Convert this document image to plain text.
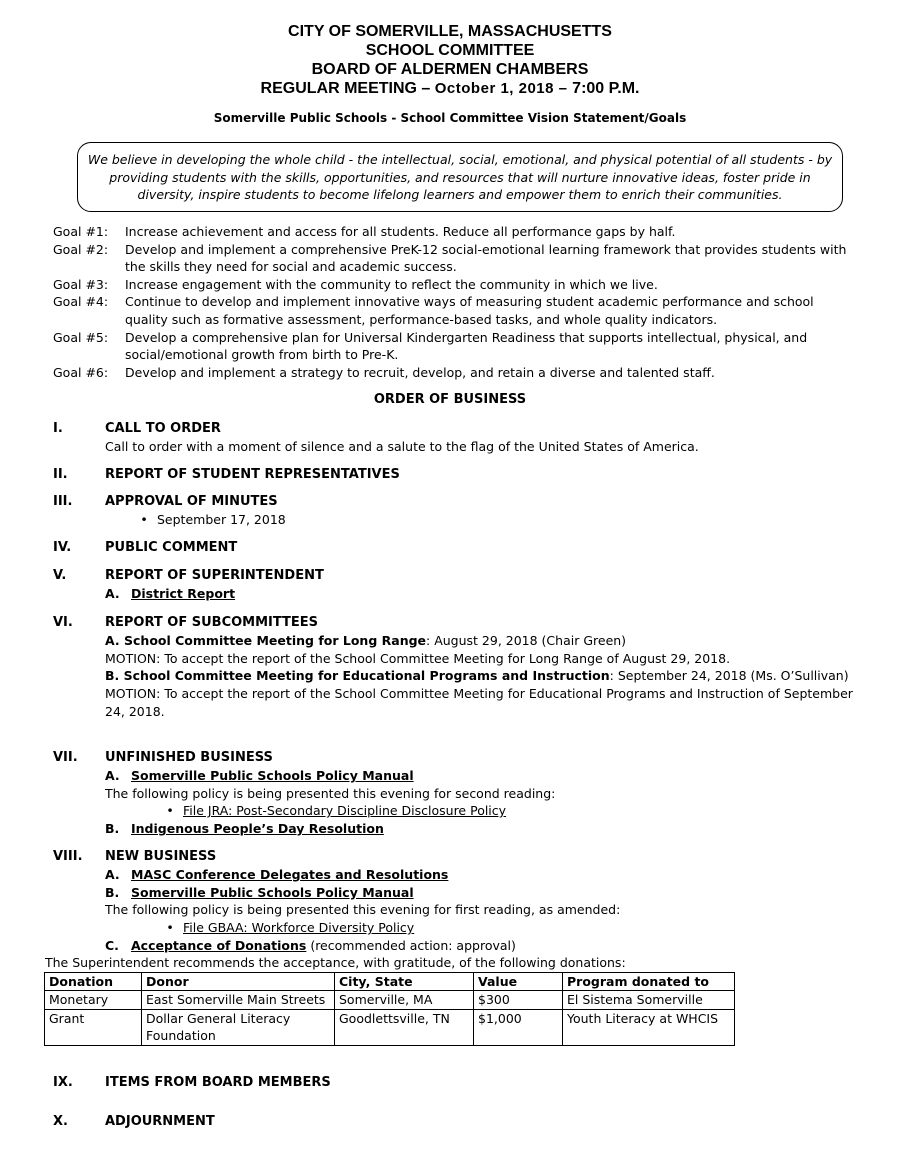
CITY OF SOMERVILLE, MASSACHUSETTS
SCHOOL COMMITTEE
BOARD OF ALDERMEN CHAMBERS
REGULAR MEETING – October 1, 2018 – 7:00 P.M.
Somerville Public Schools - School Committee Vision Statement/Goals
We believe in developing the whole child - the intellectual, social, emotional, and physical potential of all students - by providing students with the skills, opportunities, and resources that will nurture innovative ideas, foster pride in diversity, inspire students to become lifelong learners and empower them to enrich their communities.
Goal #1:	Increase achievement and access for all students. Reduce all performance gaps by half.
Goal #2:	Develop and implement a comprehensive PreK-12 social-emotional learning framework that provides students with the skills they need for social and academic success.
Goal #3:	Increase engagement with the community to reflect the community in which we live.
Goal #4:	Continue to develop and implement innovative ways of measuring student academic performance and school quality such as formative assessment, performance-based tasks, and whole quality indicators.
Goal #5:	Develop a comprehensive plan for Universal Kindergarten Readiness that supports intellectual, physical, and social/emotional growth from birth to Pre-K.
Goal #6:	Develop and implement a strategy to recruit, develop, and retain a diverse and talented staff.
ORDER OF BUSINESS
I.	CALL TO ORDER
Call to order with a moment of silence and a salute to the flag of the United States of America.
II.	REPORT OF STUDENT REPRESENTATIVES
III.	APPROVAL OF MINUTES
• September 17, 2018
IV.	PUBLIC COMMENT
V.	REPORT OF SUPERINTENDENT
A. District Report
VI. REPORT OF SUBCOMMITTEES
A. School Committee Meeting for Long Range: August 29, 2018 (Chair Green)
MOTION: To accept the report of the School Committee Meeting for Long Range of August 29, 2018.
B. School Committee Meeting for Educational Programs and Instruction: September 24, 2018 (Ms. O’Sullivan)
MOTION: To accept the report of the School Committee Meeting for Educational Programs and Instruction of September 24, 2018.
VII. UNFINISHED BUSINESS
A. Somerville Public Schools Policy Manual
The following policy is being presented this evening for second reading:
• File JRA: Post-Secondary Discipline Disclosure Policy
B. Indigenous People’s Day Resolution
VIII. NEW BUSINESS
A. MASC Conference Delegates and Resolutions
B. Somerville Public Schools Policy Manual
The following policy is being presented this evening for first reading, as amended:
• File GBAA: Workforce Diversity Policy
C. Acceptance of Donations (recommended action: approval)
The Superintendent recommends the acceptance, with gratitude, of the following donations:
Donation	Donor	City, State	Value	Program donated to
Monetary	East Somerville Main Streets	Somerville, MA	$300	El Sistema Somerville
Grant	Dollar General Literacy Foundation	Goodlettsville, TN	$1,000	Youth Literacy at WHCIS
IX. ITEMS FROM BOARD MEMBERS
X.	ADJOURNMENT
